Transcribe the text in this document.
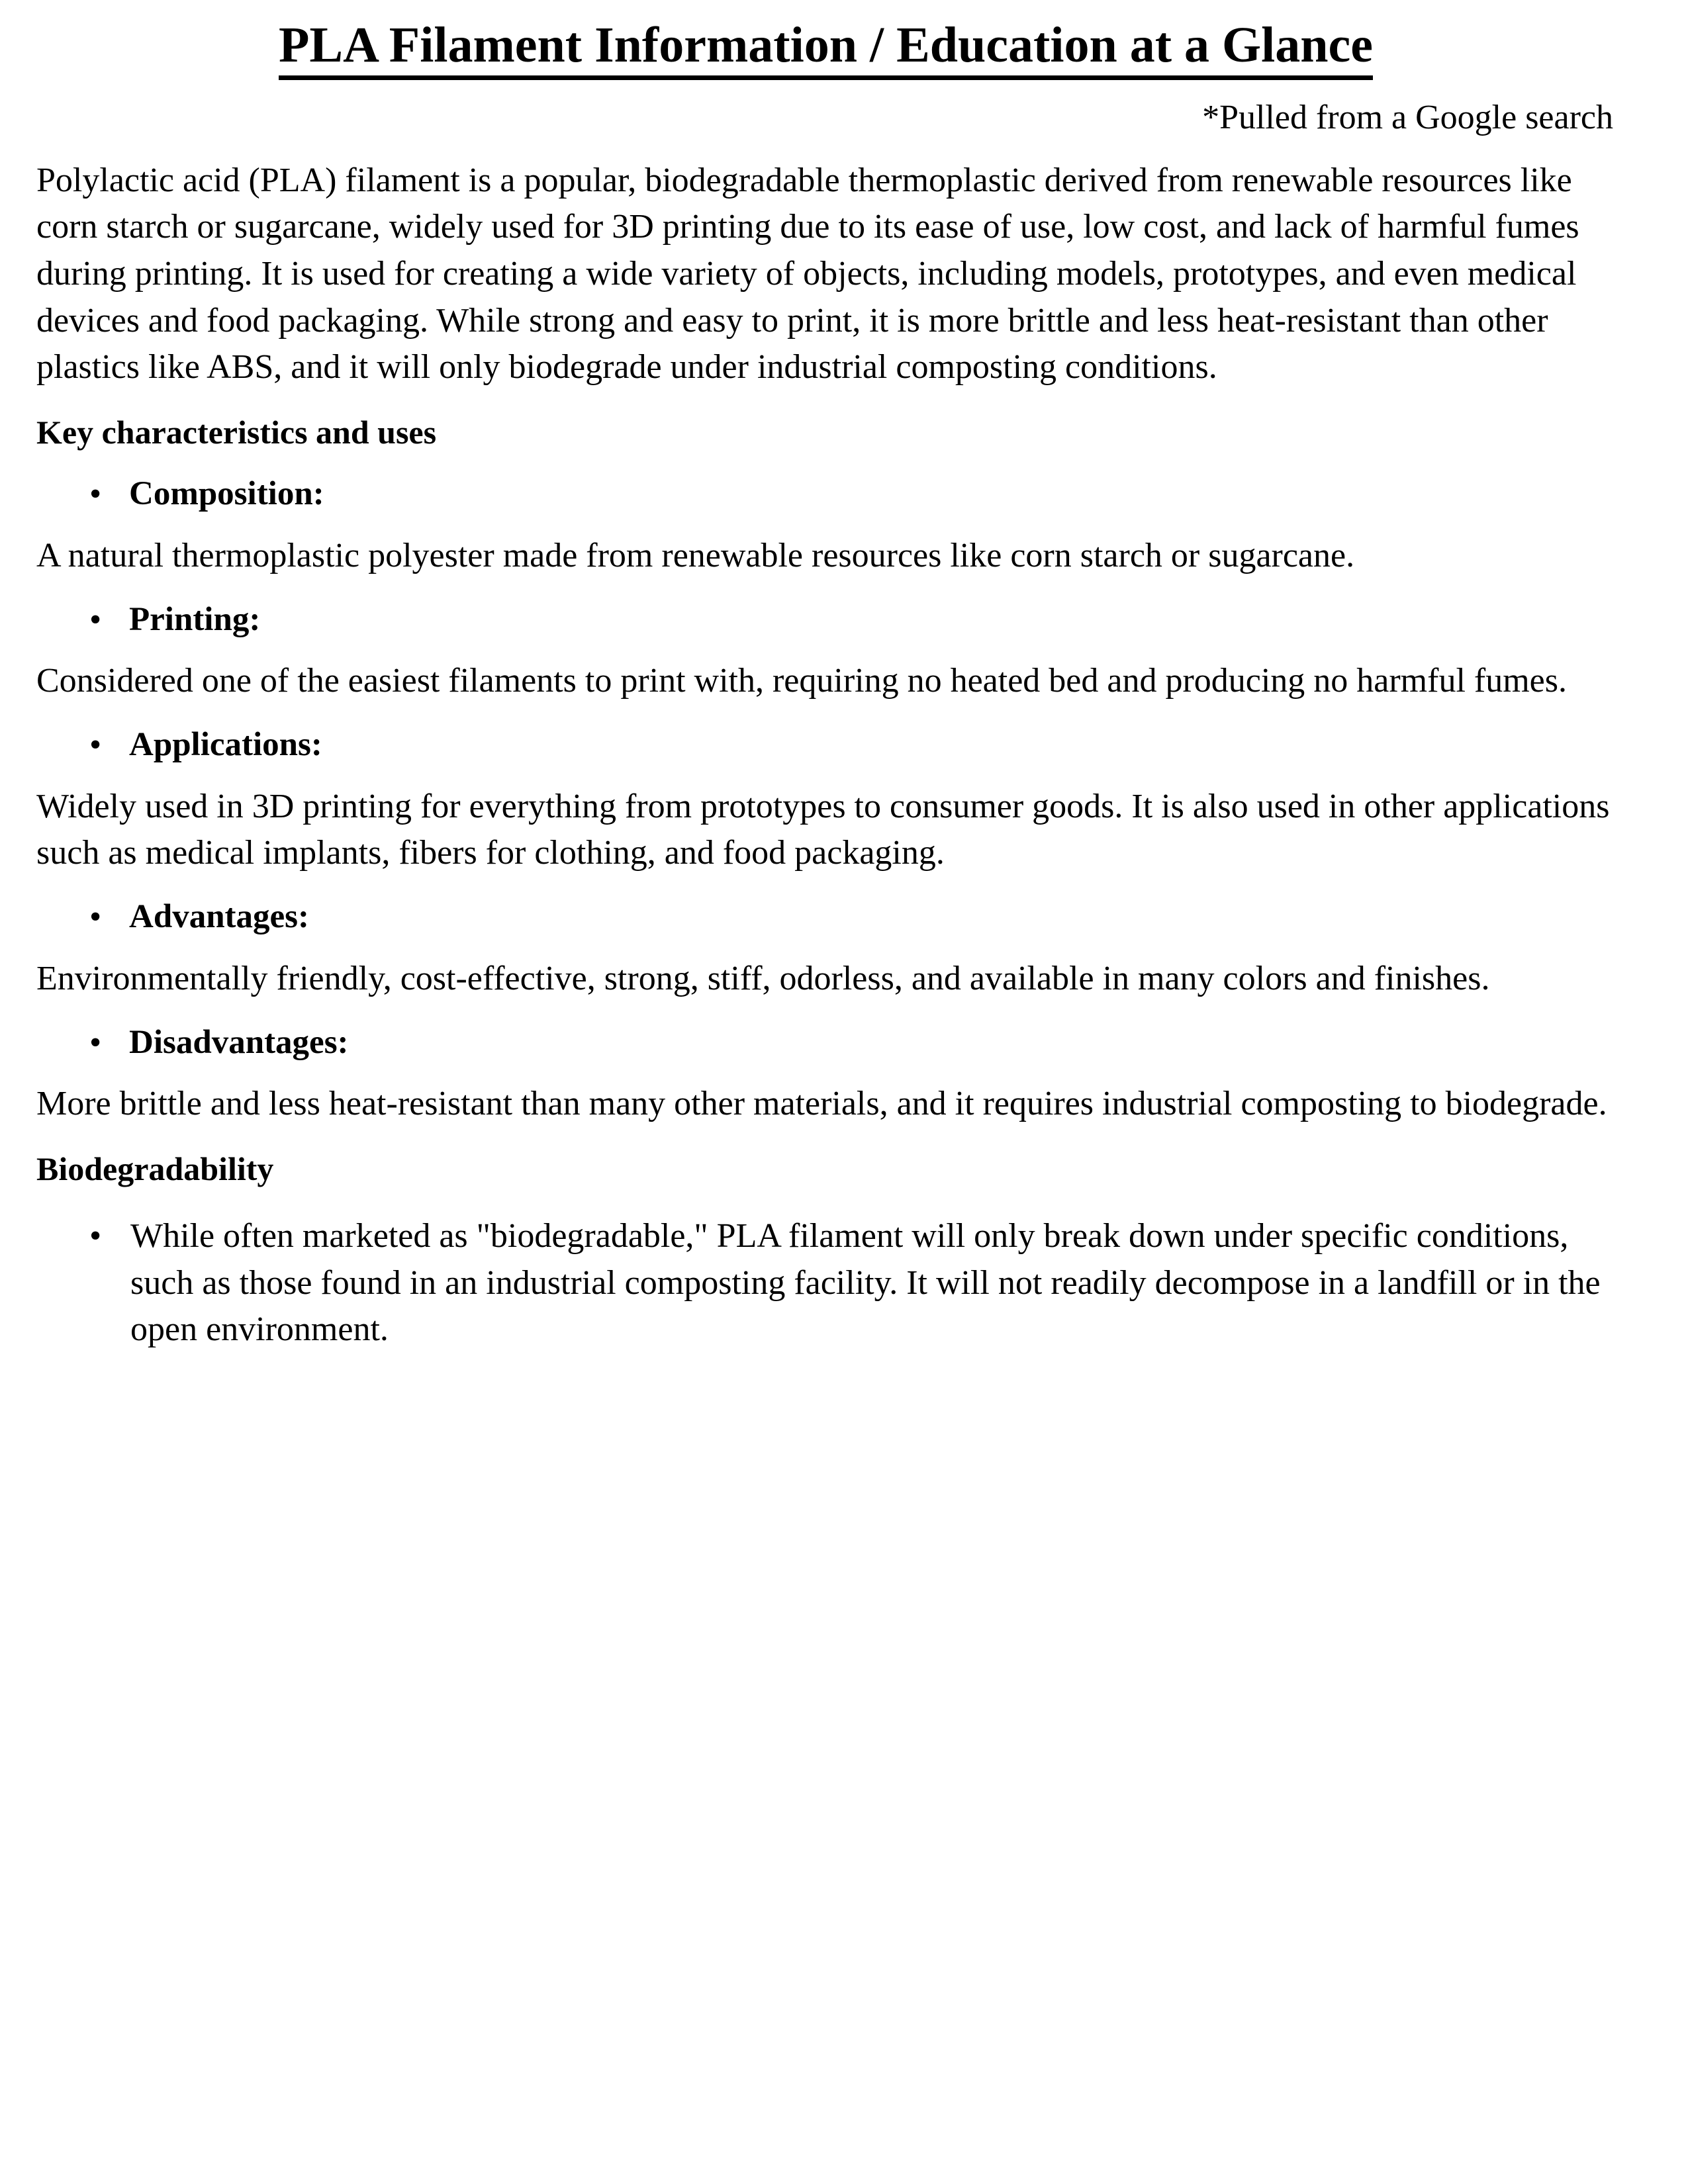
PLA Filament Information / Education at a Glance

*Pulled from a Google search

Polylactic acid (PLA) filament is a popular, biodegradable thermoplastic derived from renewable resources like corn starch or sugarcane, widely used for 3D printing due to its ease of use, low cost, and lack of harmful fumes during printing. It is used for creating a wide variety of objects, including models, prototypes, and even medical devices and food packaging. While strong and easy to print, it is more brittle and less heat-resistant than other plastics like ABS, and it will only biodegrade under industrial composting conditions.

Key characteristics and uses
• Composition:

A natural thermoplastic polyester made from renewable resources like corn starch or sugarcane.

• Printing:

Considered one of the easiest filaments to print with, requiring no heated bed and producing no harmful fumes.

• Applications:

Widely used in 3D printing for everything from prototypes to consumer goods. It is also used in other applications such as medical implants, fibers for clothing, and food packaging.

• Advantages:

Environmentally friendly, cost-effective, strong, stiff, odorless, and available in many colors and finishes.

• Disadvantages:

More brittle and less heat-resistant than many other materials, and it requires industrial composting to biodegrade.

Biodegradability
• While often marketed as "biodegradable," PLA filament will only break down under specific conditions, such as those found in an industrial composting facility. It will not readily decompose in a landfill or in the open environment.
